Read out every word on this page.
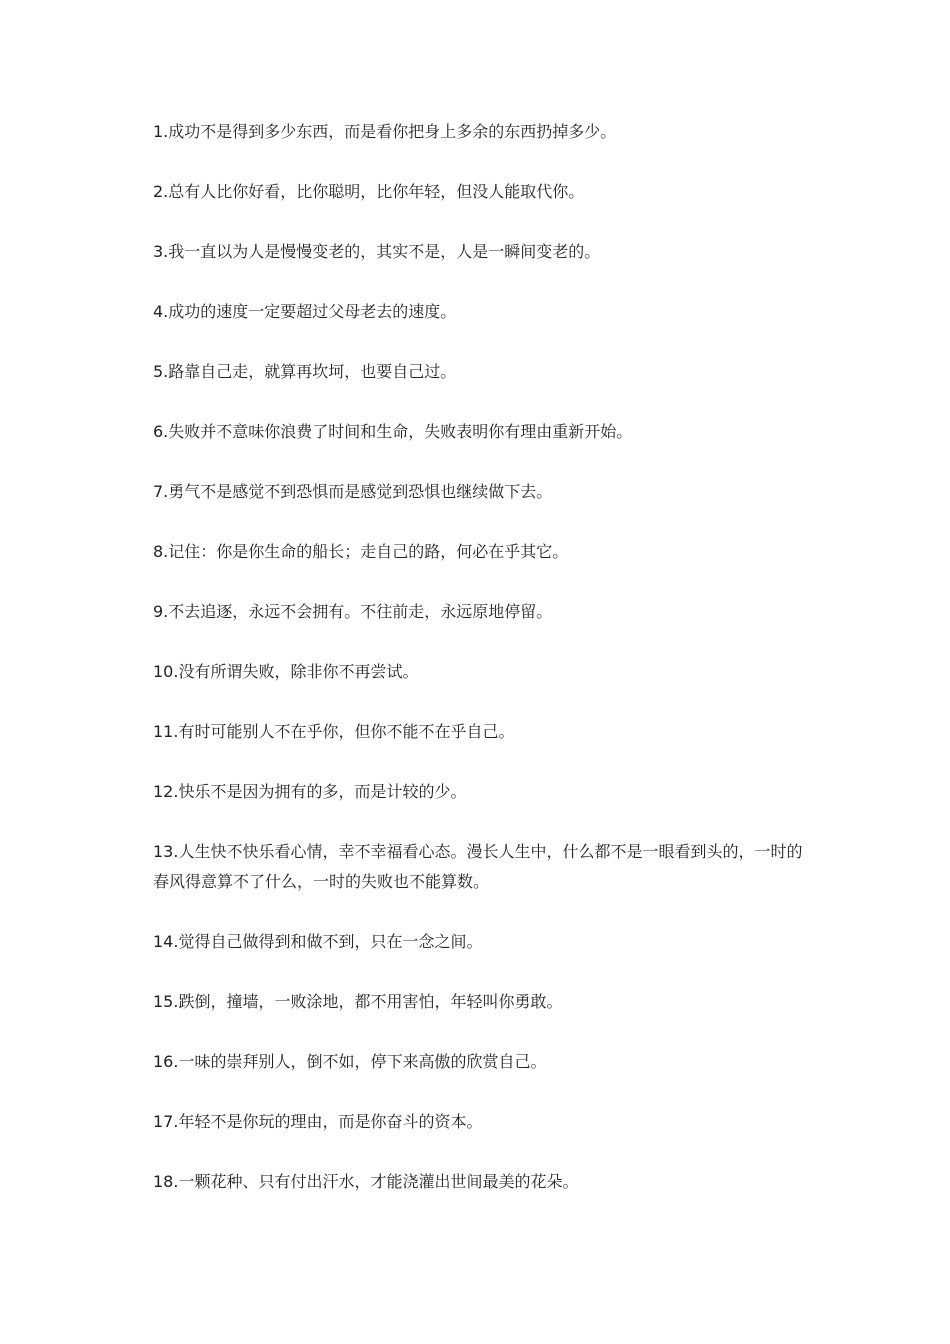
1.成功不是得到多少东西，而是看你把身上多余的东西扔掉多少。

2.总有人比你好看，比你聪明，比你年轻，但没人能取代你。

3.我一直以为人是慢慢变老的，其实不是，人是一瞬间变老的。

4.成功的速度一定要超过父母老去的速度。

5.路靠自己走，就算再坎坷，也要自己过。

6.失败并不意味你浪费了时间和生命，失败表明你有理由重新开始。

7.勇气不是感觉不到恐惧而是感觉到恐惧也继续做下去。

8.记住：你是你生命的船长；走自己的路，何必在乎其它。

9.不去追逐，永远不会拥有。不往前走，永远原地停留。

10.没有所谓失败，除非你不再尝试。

11.有时可能别人不在乎你，但你不能不在乎自己。

12.快乐不是因为拥有的多，而是计较的少。

13.人生快不快乐看心情，幸不幸福看心态。漫长人生中，什么都不是一眼看到头的，一时的春风得意算不了什么，一时的失败也不能算数。

14.觉得自己做得到和做不到，只在一念之间。

15.跌倒，撞墙，一败涂地，都不用害怕，年轻叫你勇敢。

16.一味的崇拜别人，倒不如，停下来高傲的欣赏自己。

17.年轻不是你玩的理由，而是你奋斗的资本。

18.一颗花种、只有付出汗水，才能浇灌出世间最美的花朵。
